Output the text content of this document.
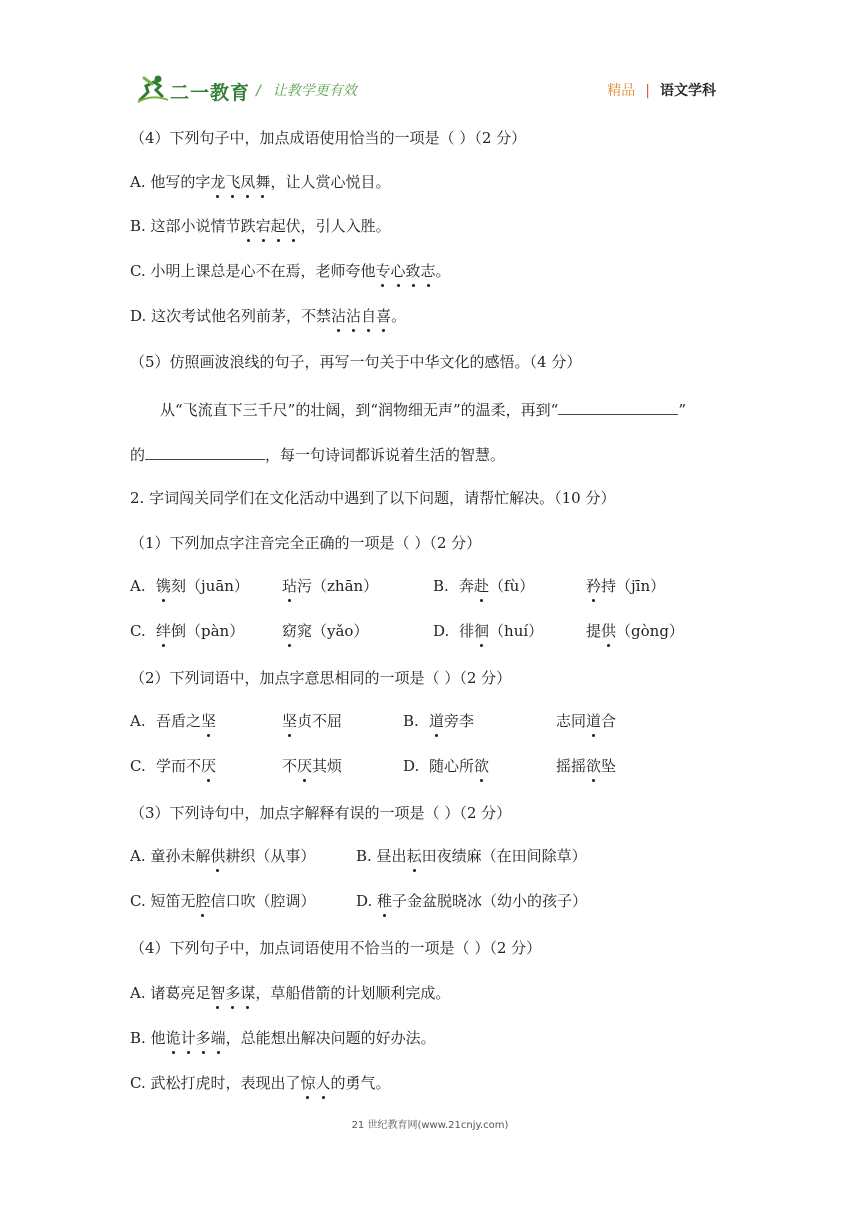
二一教育 / 让教学更有效	精品 | 语文学科
（4）下列句子中，加点成语使用恰当的一项是（ ）（2 分）
A. 他写的字龙飞凤舞，让人赏心悦目。
B. 这部小说情节跌宕起伏，引人入胜。
C. 小明上课总是心不在焉，老师夸他专心致志。
D. 这次考试他名列前茅，不禁沾沾自喜。
（5）仿照画波浪线的句子，再写一句关于中华文化的感悟。（4 分）
从“飞流直下三千尺”的壮阔，到“润物细无声”的温柔，再到“	”
的	，每一句诗词都诉说着生活的智慧。
2. 字词闯关同学们在文化活动中遇到了以下问题，请帮忙解决。（10 分）
（1）下列加点字注音完全正确的一项是（ ）（2 分）
A. 镌刻（juān） 玷污（zhān）	B. 奔赴（fù）	矜持（jīn）
C. 绊倒（pàn）	窈窕（yǎo）	D. 徘徊（huí）	提供（gòng）
（2）下列词语中，加点字意思相同的一项是（ ）（2 分）
A. 吾盾之坚	坚贞不屈	B. 道旁李	志同道合
C. 学而不厌	不厌其烦	D. 随心所欲	摇摇欲坠
（3）下列诗句中，加点字解释有误的一项是（ ）（2 分）
A. 童孙未解供耕织（从事）	B. 昼出耘田夜绩麻（在田间除草）
C. 短笛无腔信口吹（腔调）	D. 稚子金盆脱晓冰（幼小的孩子）
（4）下列句子中，加点词语使用不恰当的一项是（ ）（2 分）
A. 诸葛亮足智多谋，草船借箭的计划顺利完成。
B. 他诡计多端，总能想出解决问题的好办法。
C. 武松打虎时，表现出了惊人的勇气。
21 世纪教育网(www.21cnjy.com)
